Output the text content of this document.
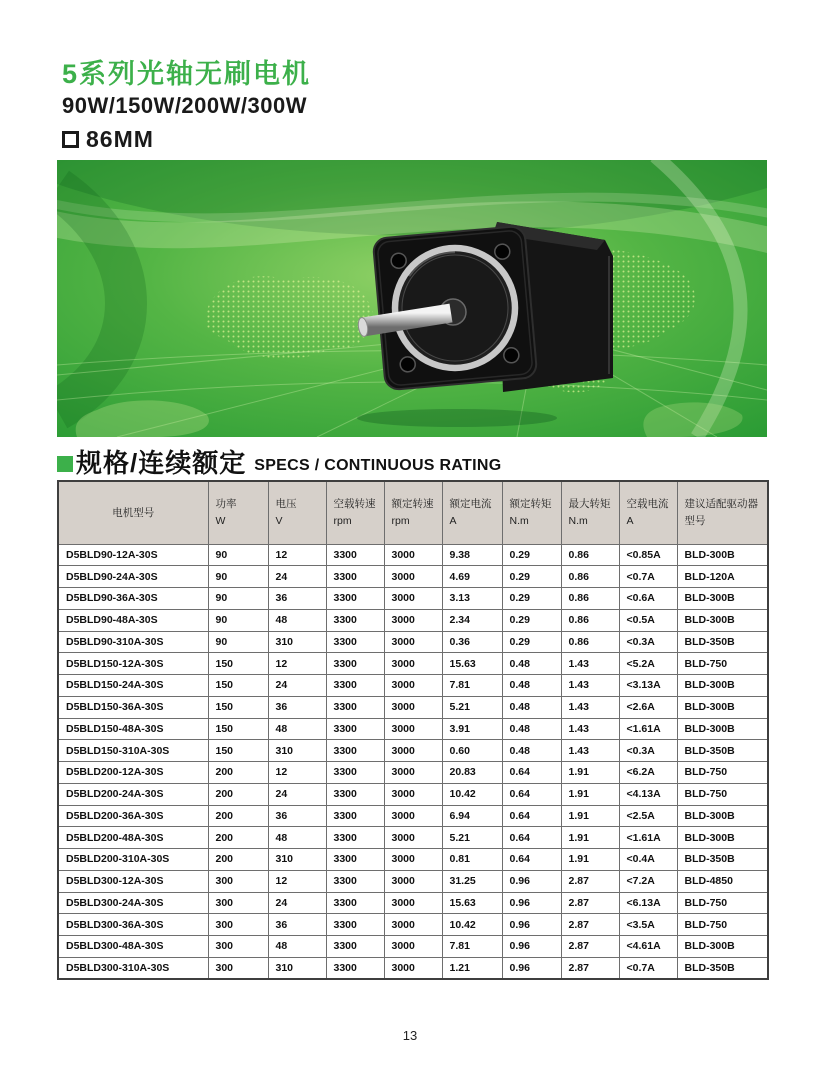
5系列光轴无刷电机
90W/150W/200W/300W
86MM
规格/连续额定 SPECS / CONTINUOUS RATING
电机型号

功率
W

电压
V

空载转速
rpm

额定转速
rpm

额定电流
A

额定转矩
N.m

最大转矩
N.m

空载电流
A

建议适配驱动器型号

D5BLD90-12A-30S	90	12	3300	3000	9.38	0.29	0.86	<0.85A	BLD-300B
D5BLD90-24A-30S	90	24	3300	3000	4.69	0.29	0.86	<0.7A	BLD-120A
D5BLD90-36A-30S	90	36	3300	3000	3.13	0.29	0.86	<0.6A	BLD-300B
D5BLD90-48A-30S	90	48	3300	3000	2.34	0.29	0.86	<0.5A	BLD-300B
D5BLD90-310A-30S	90	310	3300	3000	0.36	0.29	0.86	<0.3A	BLD-350B
D5BLD150-12A-30S	150	12	3300	3000	15.63	0.48	1.43	<5.2A	BLD-750
D5BLD150-24A-30S	150	24	3300	3000	7.81	0.48	1.43	<3.13A	BLD-300B
D5BLD150-36A-30S	150	36	3300	3000	5.21	0.48	1.43	<2.6A	BLD-300B
D5BLD150-48A-30S	150	48	3300	3000	3.91	0.48	1.43	<1.61A	BLD-300B
D5BLD150-310A-30S	150	310	3300	3000	0.60	0.48	1.43	<0.3A	BLD-350B
D5BLD200-12A-30S	200	12	3300	3000	20.83	0.64	1.91	<6.2A	BLD-750
D5BLD200-24A-30S	200	24	3300	3000	10.42	0.64	1.91	<4.13A	BLD-750
D5BLD200-36A-30S	200	36	3300	3000	6.94	0.64	1.91	<2.5A	BLD-300B
D5BLD200-48A-30S	200	48	3300	3000	5.21	0.64	1.91	<1.61A	BLD-300B
D5BLD200-310A-30S	200	310	3300	3000	0.81	0.64	1.91	<0.4A	BLD-350B
D5BLD300-12A-30S	300	12	3300	3000	31.25	0.96	2.87	<7.2A	BLD-4850
D5BLD300-24A-30S	300	24	3300	3000	15.63	0.96	2.87	<6.13A	BLD-750
D5BLD300-36A-30S	300	36	3300	3000	10.42	0.96	2.87	<3.5A	BLD-750
D5BLD300-48A-30S	300	48	3300	3000	7.81	0.96	2.87	<4.61A	BLD-300B
D5BLD300-310A-30S	300	310	3300	3000	1.21	0.96	2.87	<0.7A	BLD-350B
13
